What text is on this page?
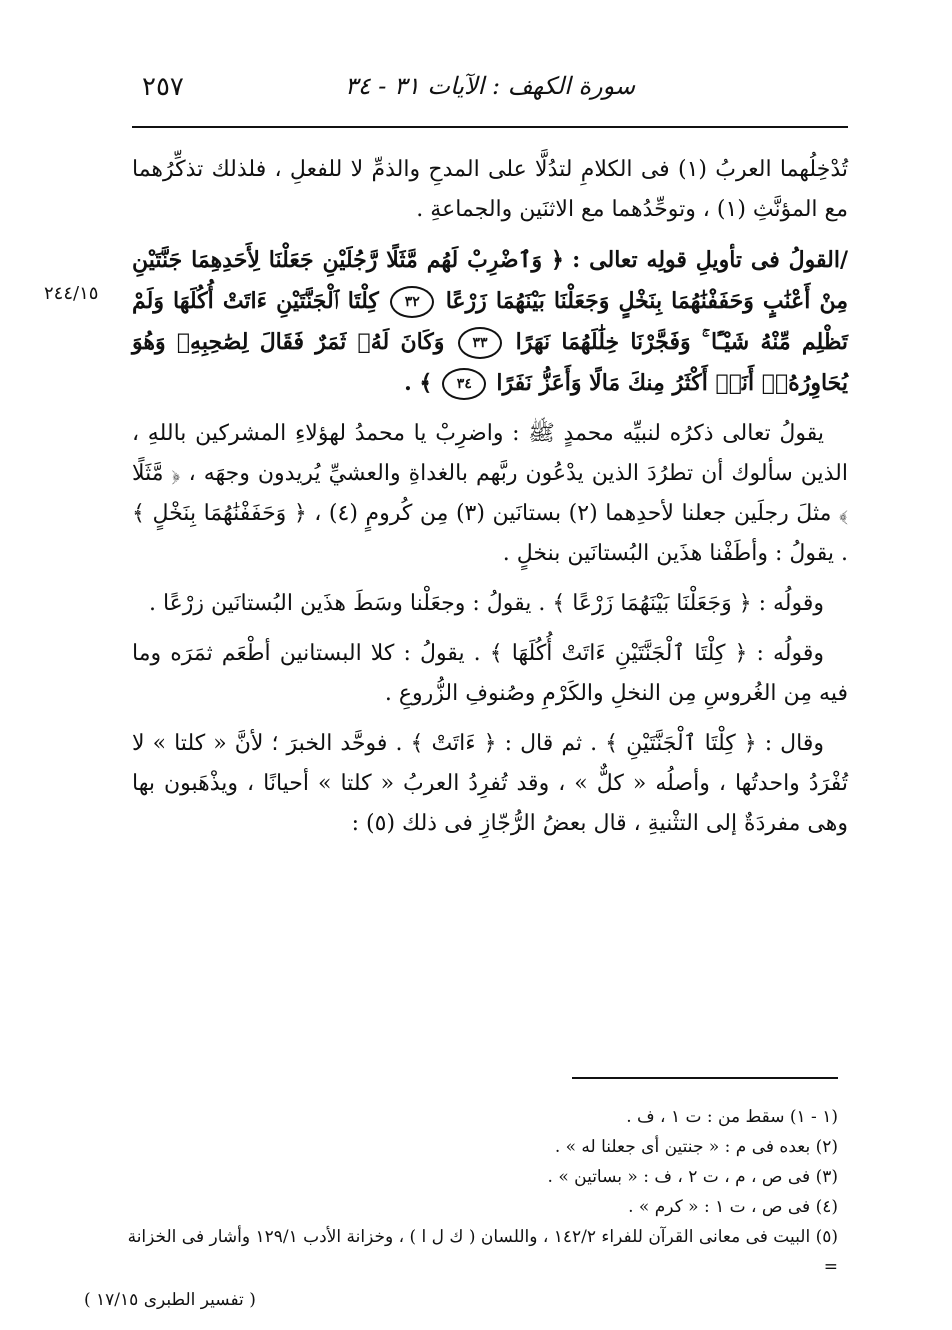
٢٥٧	سورة الكهف : الآيات ٣١ - ٣٤
٢٤٤/١٥

تُدْخِلُهما العربُ (١) فى الكلامِ لتدُلَّا على المدحِ والذمِّ لا للفعلِ ، فلذلك تذكِّرُهما مع المؤنَّثِ (١) ، وتوحِّدُهما مع الاثنَين والجماعةِ .

/القولُ فى تأويلِ قولِه تعالى : ﴿ وَٱضْرِبْ لَهُم مَّثَلًا رَّجُلَيْنِ جَعَلْنَا لِأَحَدِهِمَا جَنَّتَيْنِ مِنْ أَعْنَٰبٍ وَحَفَفْنَٰهُمَا بِنَخْلٍ وَجَعَلْنَا بَيْنَهُمَا زَرْعًا ٣٢ كِلْتَا ٱلْجَنَّتَيْنِ ءَاتَتْ أُكُلَهَا وَلَمْ تَظْلِم مِّنْهُ شَيْـًٔا ۚ وَفَجَّرْنَا خِلَٰلَهُمَا نَهَرًا ٣٣ وَكَانَ لَهُۥ ثَمَرٌ فَقَالَ لِصَٰحِبِهِۦ وَهُوَ يُحَاوِرُهُۥٓ أَنَا۠ أَكْثَرُ مِنكَ مَالًا وَأَعَزُّ نَفَرًا ٣٤ ﴾ .

يقولُ تعالى ذكرُه لنبيِّه محمدٍ ﷺ : واضرِبْ يا محمدُ لهؤلاءِ المشركين باللهِ ، الذين سألوك أن تطرُدَ الذين يدْعُون ربَّهم بالغداةِ والعشيِّ يُريدون وجهَه ، ﴿ مَّثَلًا ﴾ مثلَ رجلَين جعلنا لأحدِهما (٢) بستانَين (٣) مِن كُرومٍ (٤) ، ﴿ وَحَفَفْنَٰهُمَا بِنَخْلٍ ﴾ . يقولُ : وأطَفْنا هذَين البُستانَين بنخلٍ .

وقولُه : ﴿ وَجَعَلْنَا بَيْنَهُمَا زَرْعًا ﴾ . يقولُ : وجعَلْنا وسَطَ هذَين البُستانَين زرْعًا .

وقولُه : ﴿ كِلْتَا ٱلْجَنَّتَيْنِ ءَاتَتْ أُكُلَهَا ﴾ . يقولُ : كلا البستانين أطْعَم ثمَرَه وما فيه مِن الغُروسِ مِن النخلِ والكَرْمِ وصُنوفِ الزُّروعِ .

وقال : ﴿ كِلْتَا ٱلْجَنَّتَيْنِ ﴾ . ثم قال : ﴿ ءَاتَتْ ﴾ . فوحَّد الخبرَ ؛ لأنَّ « كلتا » لا تُفْرَدُ واحدتُها ، وأصلُه « كلٌّ » ، وقد تُفرِدُ العربُ « كلتا » أحيانًا ، ويذْهَبون بها وهى مفردَةٌ إلى التثْنيةِ ، قال بعضُ الرُّجّازِ فى ذلك (٥) :

(١ - ١) سقط من : ت ١ ، ف .

(٢) بعده فى م : « جنتين أى جعلنا له » .

(٣) فى ص ، م ، ت ٢ ، ف : « بساتين » .

(٤) فى ص ، ت ١ : « كرم » .

(٥) البيت فى معانى القرآن للفراء ١٤٢/٢ ، واللسان ( ك ل ا ) ، وخزانة الأدب ١٢٩/١ وأشار فى الخزانة =

( تفسير الطبرى ١٧/١٥ )
